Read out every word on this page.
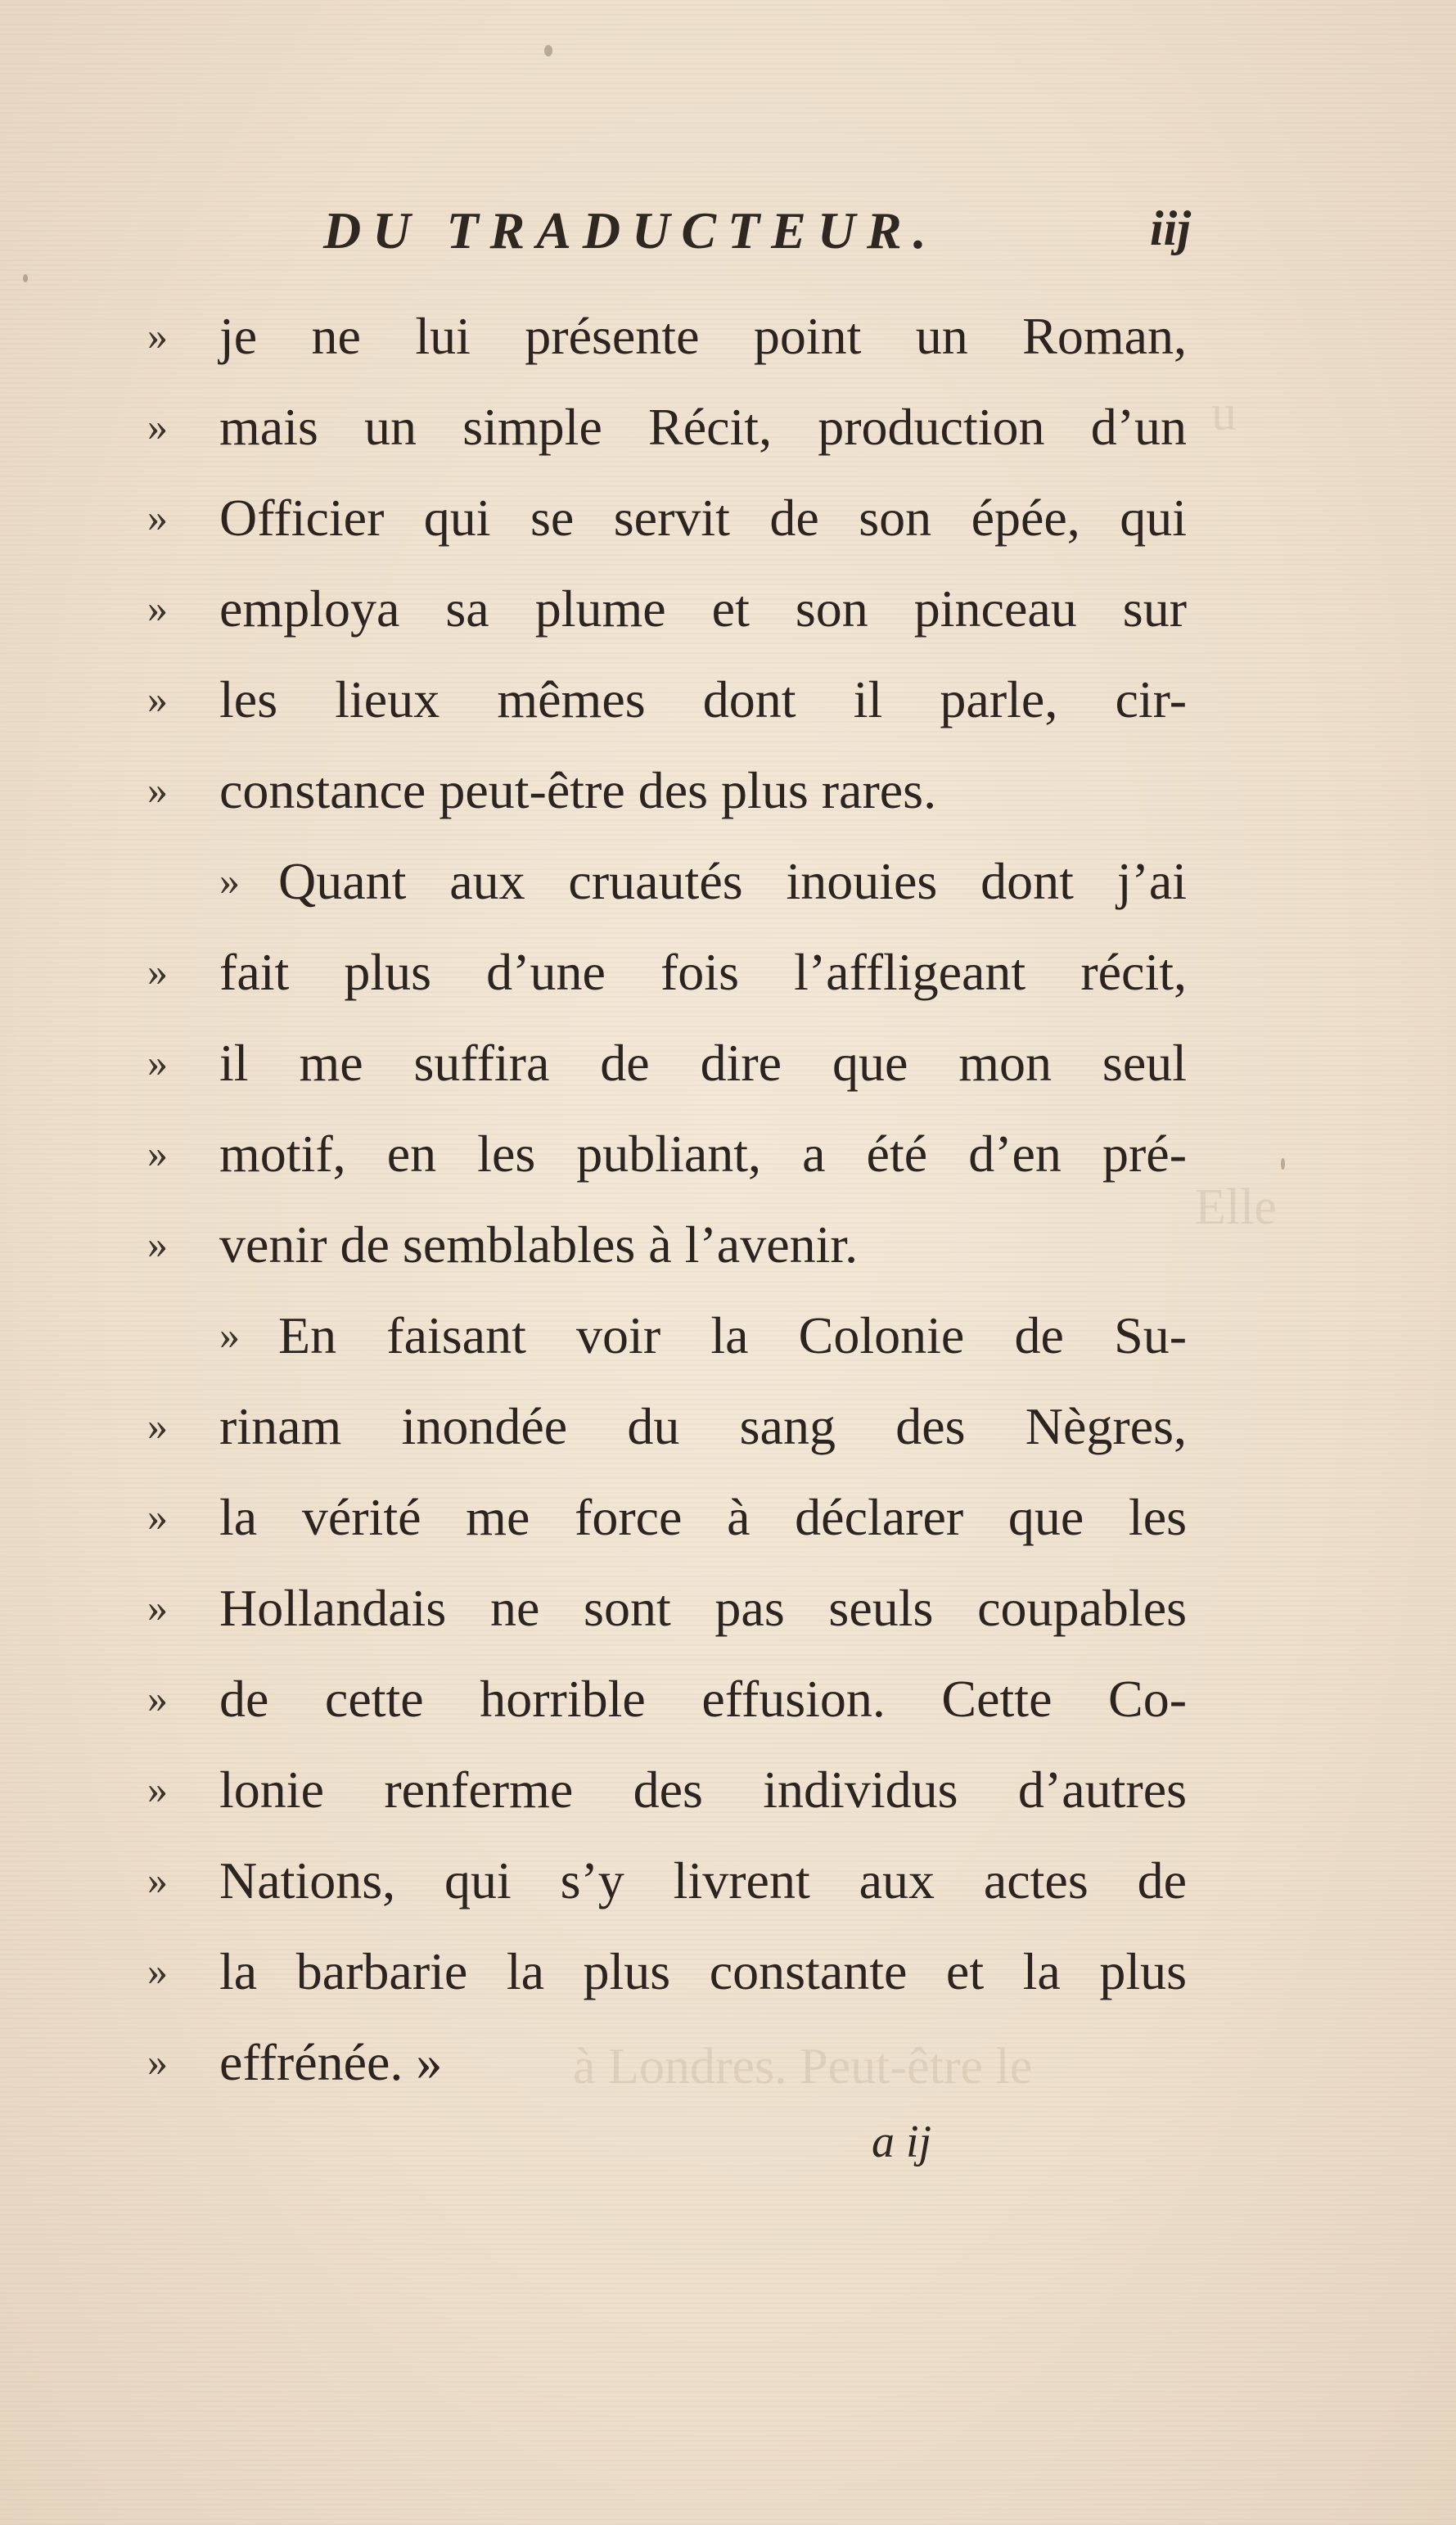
u
Elle
à Londres. Peut-être le
DU TRADUCTEUR.	iij
» je ne lui présente point un Roman,
» mais un simple Récit, production d’un
» Officier qui se servit de son épée, qui
» employa sa plume et son pinceau sur
» les lieux mêmes dont il parle, cir-
» constance peut-être des plus rares.
» Quant aux cruautés inouies dont j’ai
» fait plus d’une fois l’affligeant récit,
» il me suffira de dire que mon seul
» motif, en les publiant, a été d’en pré-
» venir de semblables à l’avenir.
» En faisant voir la Colonie de Su-
» rinam inondée du sang des Nègres,
» la vérité me force à déclarer que les
» Hollandais ne sont pas seuls coupables
» de cette horrible effusion. Cette Co-
» lonie renferme des individus d’autres
» Nations, qui s’y livrent aux actes de
» la barbarie la plus constante et la plus
» effrénée. »
a ij
